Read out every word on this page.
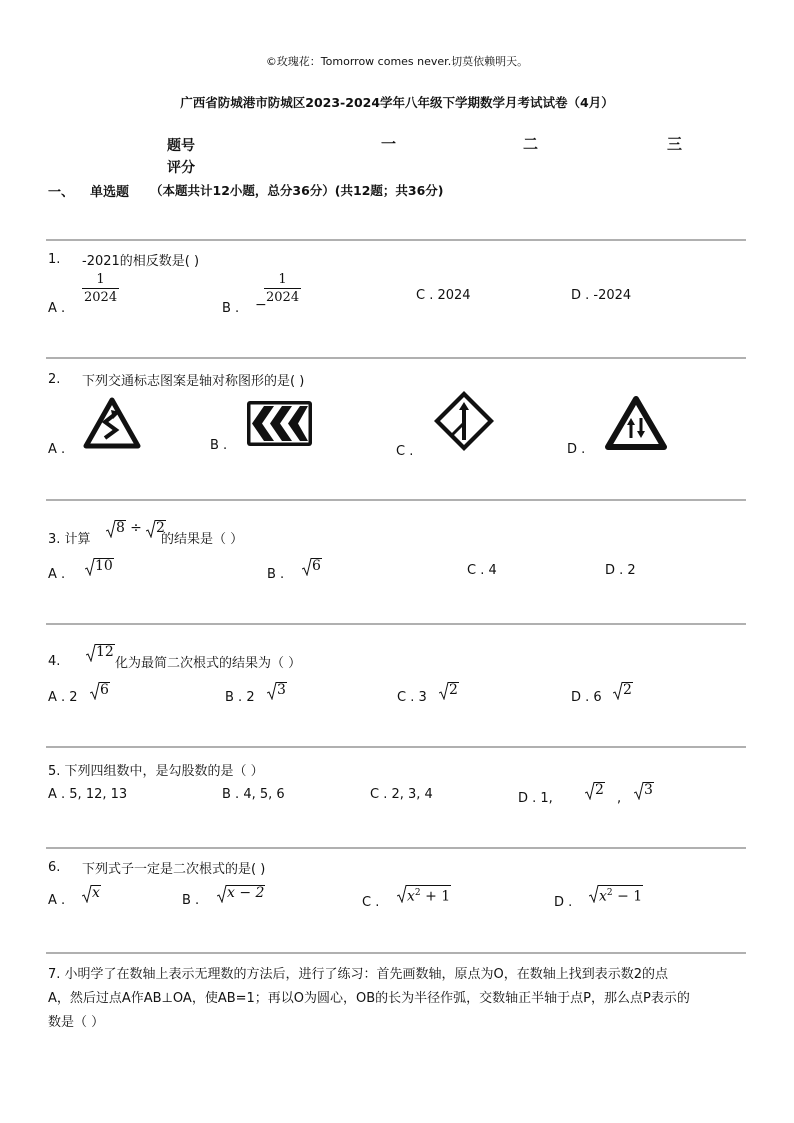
©玫瑰花：Tomorrow comes never.切莫依赖明天。
广西省防城港市防城区2023-2024学年八年级下学期数学月考试试卷（4月）
题号	一	二	三
评分
一、 单选题 （本题共计12小题，总分36分）(共12题；共36分)
1. -2021的相反数是( )
A .
$\frac{1}{2024}$
B . −
$\frac{1}{2024}$	C . 2024	D . -2024
2. 下列交通标志图案是轴对称图形的是( )
A .	B .	C .	D .
3. 计算
8 ÷ 2
的结果是（ ）
A .
10
B .
6	C . 4	D . 2
4.
12
化为最简二次根式的结果为（ ）
A . 2	6	B . 2	3	C . 3	2	D . 6	2
5. 下列四组数中，是勾股数的是（ ）
A . 5, 12, 13	B . 4, 5, 6	C . 2, 3, 4	D . 1,
2
,
3
6. 下列式子一定是二次根式的是( )
A .	x	B .	x − 2
C .	$x^2 + 1$	D .	$x^2 - 1$
7. 小明学了在数轴上表示无理数的方法后，进行了练习：首先画数轴，原点为O，在数轴上找到表示数2的点
A，然后过点A作AB⊥OA，使AB=1；再以O为圆心，OB的长为半径作弧，交数轴正半轴于点P，那么点P表示的
数是（ ）
